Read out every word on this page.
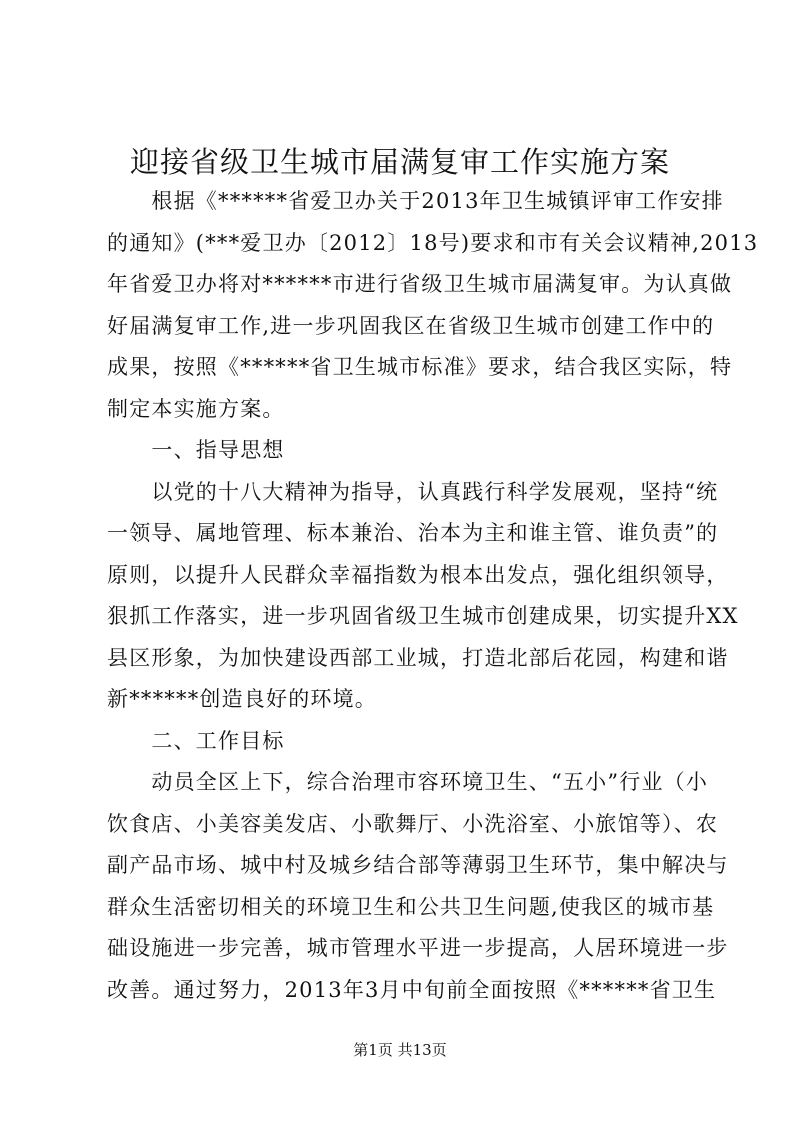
迎接省级卫生城市届满复审工作实施方案
　　根据《******省爱卫办关于2013年卫生城镇评审工作安排
的通知》(***爱卫办〔2012〕18号)要求和市有关会议精神,2013
年省爱卫办将对******市进行省级卫生城市届满复审。为认真做
好届满复审工作,进一步巩固我区在省级卫生城市创建工作中的
成果，按照《******省卫生城市标准》要求，结合我区实际，特
制定本实施方案。
　　一、指导思想
　　以党的十八大精神为指导，认真践行科学发展观，坚持“统
一领导、属地管理、标本兼治、治本为主和谁主管、谁负责”的
原则，以提升人民群众幸福指数为根本出发点，强化组织领导，
狠抓工作落实，进一步巩固省级卫生城市创建成果，切实提升XX
县区形象，为加快建设西部工业城，打造北部后花园，构建和谐
新******创造良好的环境。
　　二、工作目标
　　动员全区上下，综合治理市容环境卫生、“五小”行业（小
饮食店、小美容美发店、小歌舞厅、小洗浴室、小旅馆等）、农
副产品市场、城中村及城乡结合部等薄弱卫生环节，集中解决与
群众生活密切相关的环境卫生和公共卫生问题,使我区的城市基
础设施进一步完善，城市管理水平进一步提高，人居环境进一步
第1页 共13页
改善。通过努力，2013年3月中旬前全面按照《******省卫生
